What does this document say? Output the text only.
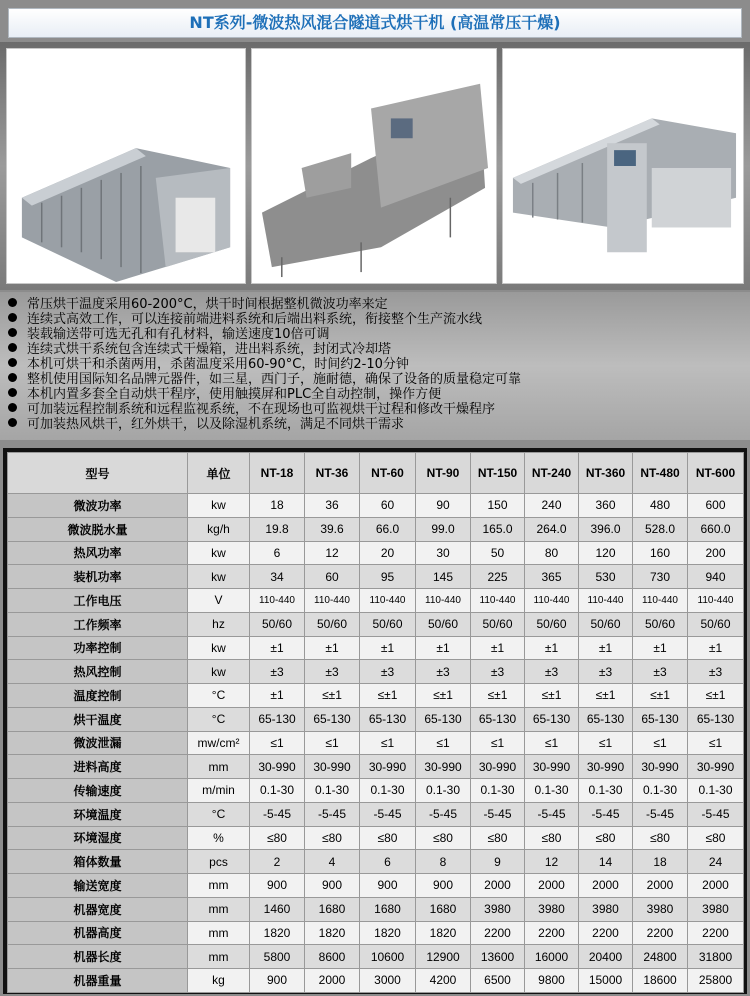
NT系列-微波热风混合隧道式烘干机 (高温常压干燥)
常压烘干温度采用60-200°C，烘干时间根据整机微波功率来定
连续式高效工作，可以连接前端进料系统和后端出料系统，衔接整个生产流水线
装载输送带可选无孔和有孔材料，输送速度10倍可调
连续式烘干系统包含连续式干燥箱，进出料系统，封闭式冷却塔
本机可烘干和杀菌两用，杀菌温度采用60-90°C，时间约2-10分钟
整机使用国际知名品牌元器件，如三星，西门子，施耐德，确保了设备的质量稳定可靠
本机内置多套全自动烘干程序，使用触摸屏和PLC全自动控制，操作方便
可加装远程控制系统和远程监视系统，不在现场也可监视烘干过程和修改干燥程序
可加装热风烘干，红外烘干，以及除湿机系统，满足不同烘干需求
型号	单位	NT-18	NT-36	NT-60	NT-90	NT-150	NT-240	NT-360	NT-480	NT-600
微波功率	kw	18	36	60	90	150	240	360	480	600
微波脱水量	kg/h	19.8	39.6	66.0	99.0	165.0	264.0	396.0	528.0	660.0
热风功率	kw	6	12	20	30	50	80	120	160	200
装机功率	kw	34	60	95	145	225	365	530	730	940
工作电压	V	110-440	110-440	110-440	110-440	110-440	110-440	110-440	110-440	110-440
工作频率	hz	50/60	50/60	50/60	50/60	50/60	50/60	50/60	50/60	50/60
功率控制	kw	±1	±1	±1	±1	±1	±1	±1	±1	±1
热风控制	kw	±3	±3	±3	±3	±3	±3	±3	±3	±3
温度控制	°C	±1	≤±1	≤±1	≤±1	≤±1	≤±1	≤±1	≤±1	≤±1
烘干温度	°C	65-130	65-130	65-130	65-130	65-130	65-130	65-130	65-130	65-130
微波泄漏	mw/cm²	≤1	≤1	≤1	≤1	≤1	≤1	≤1	≤1	≤1
进料高度	mm	30-990	30-990	30-990	30-990	30-990	30-990	30-990	30-990	30-990
传输速度	m/min	0.1-30	0.1-30	0.1-30	0.1-30	0.1-30	0.1-30	0.1-30	0.1-30	0.1-30
环境温度	°C	-5-45	-5-45	-5-45	-5-45	-5-45	-5-45	-5-45	-5-45	-5-45
环境湿度	%	≤80	≤80	≤80	≤80	≤80	≤80	≤80	≤80	≤80
箱体数量	pcs	2	4	6	8	9	12	14	18	24
输送宽度	mm	900	900	900	900	2000	2000	2000	2000	2000
机器宽度	mm	1460	1680	1680	1680	3980	3980	3980	3980	3980
机器高度	mm	1820	1820	1820	1820	2200	2200	2200	2200	2200
机器长度	mm	5800	8600	10600	12900	13600	16000	20400	24800	31800
机器重量	kg	900	2000	3000	4200	6500	9800	15000	18600	25800
